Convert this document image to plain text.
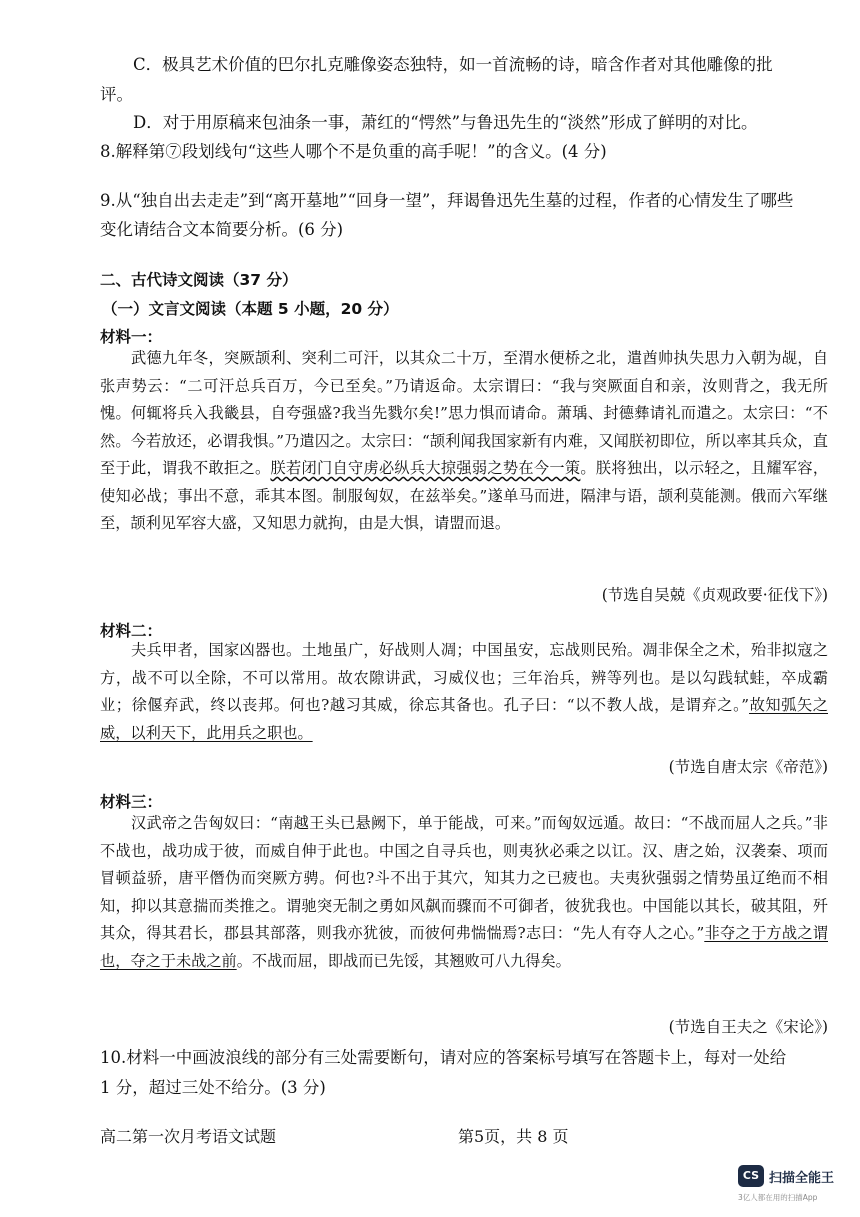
C．极具艺术价值的巴尔扎克雕像姿态独特，如一首流畅的诗，暗含作者对其他雕像的批

评。

D．对于用原稿来包油条一事，萧红的“愕然”与鲁迅先生的“淡然”形成了鲜明的对比。

8.解释第⑦段划线句“这些人哪个不是负重的高手呢！”的含义。(4 分)

9.从“独自出去走走”到“离开墓地”“回身一望”，拜谒鲁迅先生墓的过程，作者的心情发生了哪些

变化请结合文本简要分析。(6 分)

二、古代诗文阅读（37 分）

（一）文言文阅读（本题 5 小题，20 分）

材料一：

武德九年冬，突厥颉利、突利二可汗，以其众二十万，至渭水便桥之北，遣酋帅执失思力入朝为觇，自张声势云：“二可汗总兵百万，今已至矣。”乃请返命。太宗谓曰：“我与突厥面自和亲，汝则背之，我无所愧。何辄将兵入我畿县，自夸强盛?我当先戮尔矣!”思力惧而请命。萧瑀、封德彝请礼而遣之。太宗曰：“不然。今若放还，必谓我惧。”乃遣囚之。太宗曰：“颉利闻我国家新有内难，又闻朕初即位，所以率其兵众，直至于此，谓我不敢拒之。朕若闭门自守虏必纵兵大掠强弱之势在今一策。朕将独出，以示轻之，且耀军容，使知必战；事出不意，乖其本图。制服匈奴，在兹举矣。”遂单马而进，隔津与语，颉利莫能测。俄而六军继至，颉利见军容大盛，又知思力就拘，由是大惧，请盟而退。

(节选自吴兢《贞观政要·征伐下》)

材料二：

夫兵甲者，国家凶器也。土地虽广，好战则人凋；中国虽安，忘战则民殆。凋非保全之术，殆非拟寇之方，战不可以全除，不可以常用。故农隙讲武，习威仪也；三年治兵，辨等列也。是以勾践轼蛙，卒成霸业；徐偃弃武，终以丧邦。何也?越习其威，徐忘其备也。孔子曰：“以不教人战，是谓弃之。”故知弧矢之威，以利天下，此用兵之职也。

(节选自唐太宗《帝范》)

材料三：

汉武帝之告匈奴曰：“南越王头已悬阙下，单于能战，可来。”而匈奴远遁。故曰：“不战而屈人之兵。”非不战也，战功成于彼，而威自伸于此也。中国之自寻兵也，则夷狄必乘之以讧。汉、唐之始，汉袭秦、项而冒顿益骄，唐平僭伪而突厥方骋。何也?斗不出于其穴，知其力之已疲也。夫夷狄强弱之情势虽辽绝而不相知，抑以其意揣而类推之。谓驰突无制之勇如风飙而骤而不可御者，彼犹我也。中国能以其长，破其阻，歼其众，得其君长，郡县其部落，则我亦犹彼，而彼何弗惴惴焉?志曰：“先人有夺人之心。”非夺之于方战之谓也，夺之于未战之前。不战而屈，即战而已先馁，其翘败可八九得矣。

(节选自王夫之《宋论》)

10.材料一中画波浪线的部分有三处需要断句，请对应的答案标号填写在答题卡上，每对一处给

1 分，超过三处不给分。(3 分)

高二第一次月考语文试题	第5页，共 8 页

CS 扫描全能王
3亿人都在用的扫描App
